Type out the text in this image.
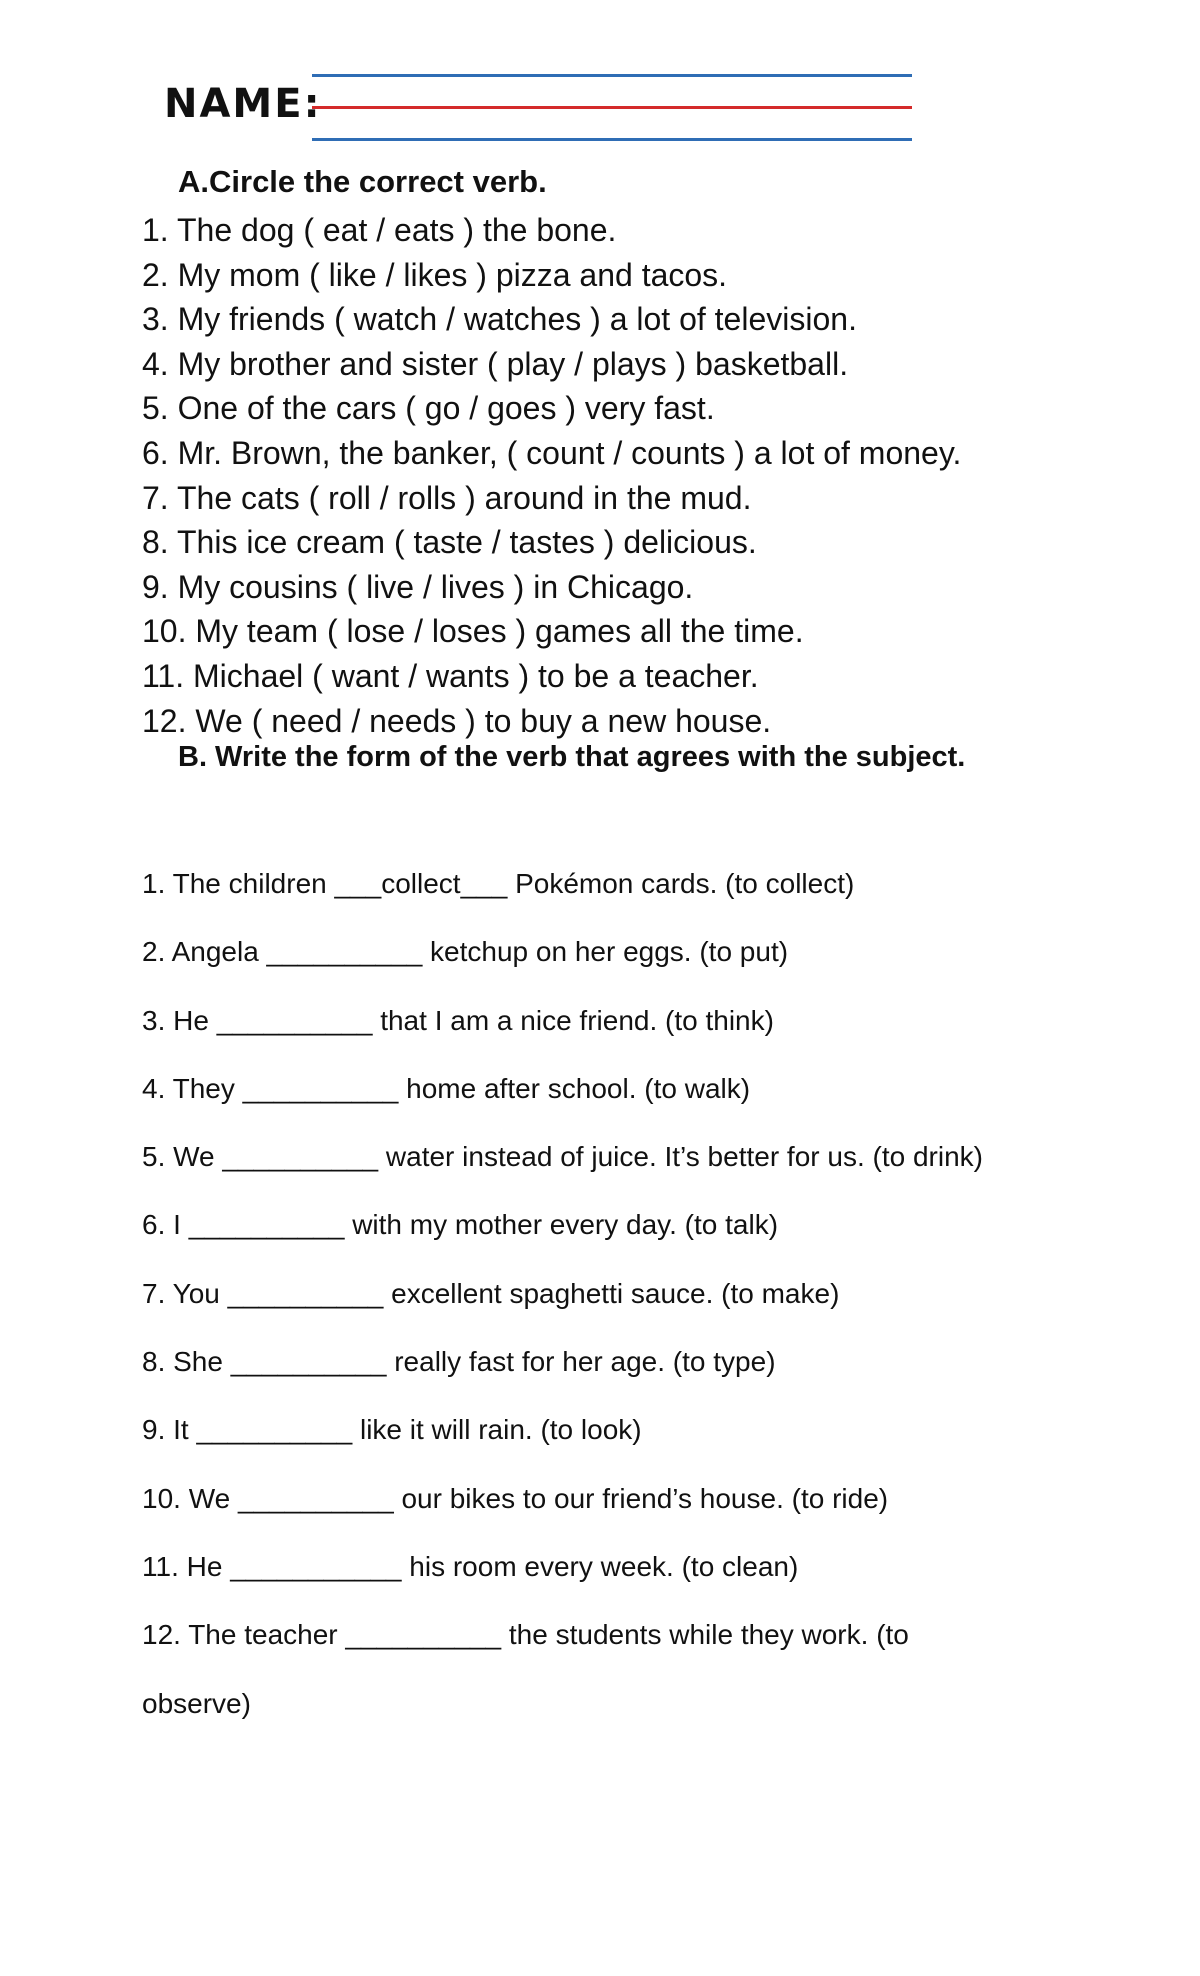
NAME:
A.Circle the correct verb.
1. The dog ( eat / eats ) the bone.
2. My mom ( like / likes ) pizza and tacos.
3. My friends ( watch / watches ) a lot of television.
4. My brother and sister ( play / plays ) basketball.
5. One of the cars ( go / goes ) very fast.
6. Mr. Brown, the banker, ( count / counts ) a lot of money.
7. The cats ( roll / rolls ) around in the mud.
8. This ice cream ( taste / tastes ) delicious.
9. My cousins ( live / lives ) in Chicago.
10. My team ( lose / loses ) games all the time.
11. Michael ( want / wants ) to be a teacher.
12. We ( need / needs ) to buy a new house.
B. Write the form of the verb that agrees with the subject.
1. The children ___collect___ Pokémon cards. (to collect)
2. Angela __________ ketchup on her eggs. (to put)
3. He __________ that I am a nice friend. (to think)
4. They __________ home after school. (to walk)
5. We __________ water instead of juice. It’s better for us. (to drink)
6. I __________ with my mother every day. (to talk)
7. You __________ excellent spaghetti sauce. (to make)
8. She __________ really fast for her age. (to type)
9. It __________ like it will rain. (to look)
10. We __________ our bikes to our friend’s house. (to ride)
11. He ___________ his room every week. (to clean)
12. The teacher __________ the students while they work. (to
observe)
